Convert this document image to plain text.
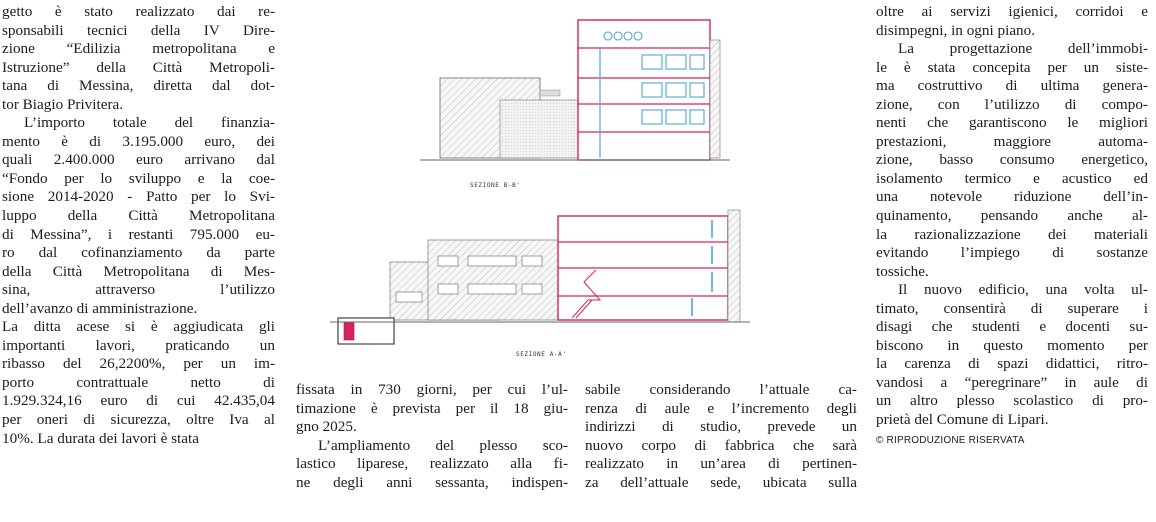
getto è stato realizzato dai re-
sponsabili tecnici della IV Dire-
zione “Edilizia metropolitana e
Istruzione” della Città Metropoli-
tana di Messina, diretta dal dot-
tor Biagio Privitera.
L’importo totale del finanzia-
mento è di 3.195.000 euro, dei
quali 2.400.000 euro arrivano dal
“Fondo per lo sviluppo e la coe-
sione 2014-2020 - Patto per lo Svi-
luppo della Città Metropolitana
di Messina”, i restanti 795.000 eu-
ro dal cofinanziamento da parte
della Città Metropolitana di Mes-
sina, attraverso l’utilizzo
dell’avanzo di amministrazione.
La ditta acese si è aggiudicata gli
importanti lavori, praticando un
ribasso del 26,2200%, per un im-
porto contrattuale netto di
1.929.324,16 euro di cui 42.435,04
per oneri di sicurezza, oltre Iva al
10%. La durata dei lavori è stata
SEZIONE B-B'
SEZIONE A-A'
fissata in 730 giorni, per cui l’ul-
timazione è prevista per il 18 giu-
gno 2025.
L’ampliamento del plesso sco-
lastico liparese, realizzato alla fi-
ne degli anni sessanta, indispen-
sabile considerando l’attuale ca-
renza di aule e l’incremento degli
indirizzi di studio, prevede un
nuovo corpo di fabbrica che sarà
realizzato in un’area di pertinen-
za dell’attuale sede, ubicata sulla
oltre ai servizi igienici, corridoi e
disimpegni, in ogni piano.
La progettazione dell’immobi-
le è stata concepita per un siste-
ma costruttivo di ultima genera-
zione, con l’utilizzo di compo-
nenti che garantiscono le migliori
prestazioni, maggiore automa-
zione, basso consumo energetico,
isolamento termico e acustico ed
una notevole riduzione dell’in-
quinamento, pensando anche al-
la razionalizzazione dei materiali
evitando l’impiego di sostanze
tossiche.
Il nuovo edificio, una volta ul-
timato, consentirà di superare i
disagi che studenti e docenti su-
biscono in questo momento per
la carenza di spazi didattici, ritro-
vandosi a “peregrinare” in aule di
un altro plesso scolastico di pro-
prietà del Comune di Lipari.
© RIPRODUZIONE RISERVATA
